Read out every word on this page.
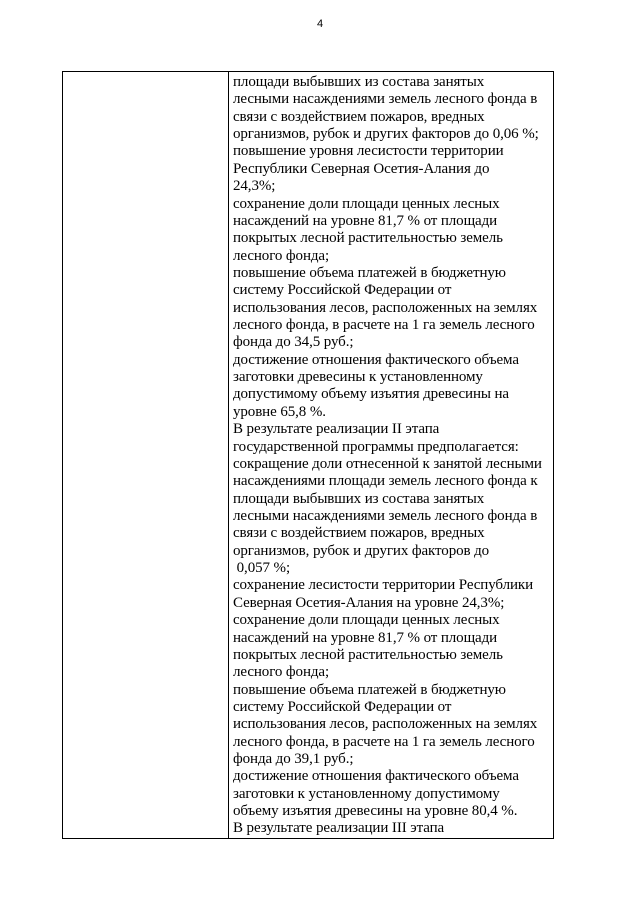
4
площади выбывших из состава занятых
лесными насаждениями земель лесного фонда в
связи с воздействием пожаров, вредных
организмов, рубок и других факторов до 0,06 %;
повышение уровня лесистости территории
Республики Северная Осетия-Алания до
24,3%;
сохранение доли площади ценных лесных
насаждений на уровне 81,7 % от площади
покрытых лесной растительностью земель
лесного фонда;
повышение объема платежей в бюджетную
систему Российской Федерации от
использования лесов, расположенных на землях
лесного фонда, в расчете на 1 га земель лесного
фонда до 34,5 руб.;
достижение отношения фактического объема
заготовки древесины к установленному
допустимому объему изъятия древесины на
уровне 65,8 %.
В результате реализации II этапа
государственной программы предполагается:
сокращение доли отнесенной к занятой лесными
насаждениями площади земель лесного фонда к
площади выбывших из состава занятых
лесными насаждениями земель лесного фонда в
связи с воздействием пожаров, вредных
организмов, рубок и других факторов до
0,057 %;
сохранение лесистости территории Республики
Северная Осетия-Алания на уровне 24,3%;
сохранение доли площади ценных лесных
насаждений на уровне 81,7 % от площади
покрытых лесной растительностью земель
лесного фонда;
повышение объема платежей в бюджетную
систему Российской Федерации от
использования лесов, расположенных на землях
лесного фонда, в расчете на 1 га земель лесного
фонда до 39,1 руб.;
достижение отношения фактического объема
заготовки к установленному допустимому
объему изъятия древесины на уровне 80,4 %.
В результате реализации III этапа
